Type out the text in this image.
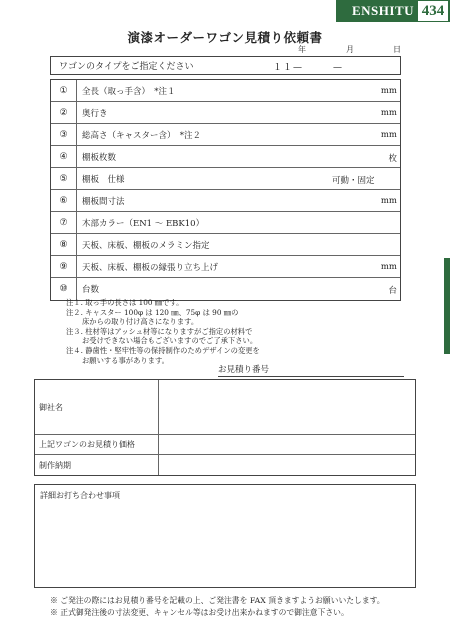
ENSHITU 434
演漆オーダーワゴン見積り依頼書
年	月	日
ワゴンのタイプをご指定ください	１１—　　　—
①	全長（取っ手含）　*注１	mm
②	奥行き	mm
③	総高さ（キャスター含）　*注２	mm
④	棚板枚数	枚
⑤	棚板　仕様	可動・固定
⑥	棚板間寸法	mm
⑦	木部カラー（EN1 ～ EBK10）
⑧	天板、床板、棚板のメラミン指定
⑨	天板、床板、棚板の縁張り立ち上げ	mm
⑩	台数	台
注１. 取っ手の長さは 100 ㎜です。
注２. キャスター 100φ は 120 ㎜、75φ は 90 ㎜の
床からの取り付け高さになります。
注３. 柱材等はアッシュ材等になりますがご指定の材料で
お受けできない場合もございますのでご了承下さい。
注４. 静歯性・堅牢性等の保持制作のためデザインの変更を
お願いする事があります。
お見積り番号
御社名
上記ワゴンのお見積り価格
制作納期
詳細お打ち合わせ事項
※ ご発注の際にはお見積り番号を記載の上、ご発注書を FAX 頂きますようお願いいたします。
※ 正式御発注後の寸法変更、キャンセル等はお受け出来かねますので御注意下さい。
